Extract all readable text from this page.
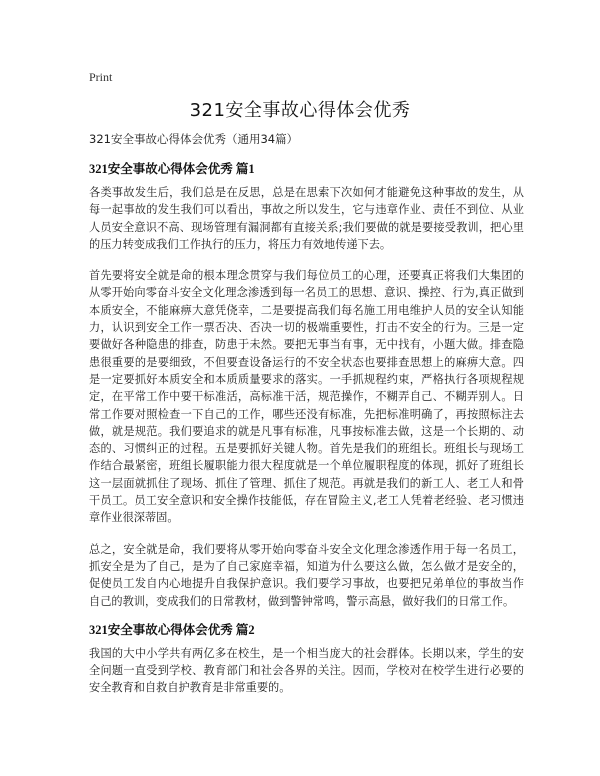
Print
321安全事故心得体会优秀

321安全事故心得体会优秀（通用34篇）

321安全事故心得体会优秀 篇1

各类事故发生后，我们总是在反思，总是在思索下次如何才能避免这种事故的发生，从每一起事故的发生我们可以看出，事故之所以发生，它与违章作业、责任不到位、从业人员安全意识不高、现场管理有漏洞都有直接关系;我们要做的就是要接受教训，把心里的压力转变成我们工作执行的压力，将压力有效地传递下去。

首先要将安全就是命的根本理念贯穿与我们每位员工的心理，还要真正将我们大集团的从零开始向零奋斗安全文化理念渗透到每一名员工的思想、意识、操控、行为,真正做到本质安全，不能麻痹大意凭侥幸，二是要提高我们每名施工用电维护人员的安全认知能力，认识到安全工作一票否决、否决一切的极端重要性，打击不安全的行为。三是一定要做好各种隐患的排查，防患于未然。要把无事当有事，无中找有，小题大做。排查隐患很重要的是要细致，不但要查设备运行的不安全状态也要排查思想上的麻痹大意。四是一定要抓好本质安全和本质质量要求的落实。一手抓规程约束，严格执行各项规程规定，在平常工作中要干标准活，高标准干活，规范操作，不糊弄自己、不糊弄别人。日常工作要对照检查一下自己的工作，哪些还没有标准，先把标准明确了，再按照标注去做，就是规范。我们要追求的就是凡事有标准，凡事按标准去做，这是一个长期的、动态的、习惯纠正的过程。五是要抓好关键人物。首先是我们的班组长。班组长与现场工作结合最紧密，班组长履职能力很大程度就是一个单位履职程度的体现，抓好了班组长这一层面就抓住了现场、抓住了管理、抓住了规范。再就是我们的新工人、老工人和骨干员工。员工安全意识和安全操作技能低，存在冒险主义,老工人凭着老经验、老习惯违章作业很深蒂固。

总之，安全就是命，我们要将从零开始向零奋斗安全文化理念渗透作用于每一名员工，抓安全是为了自己，是为了自己家庭幸福，知道为什么要这么做，怎么做才是安全的，促使员工发自内心地提升自我保护意识。我们要学习事故，也要把兄弟单位的事故当作自己的教训，变成我们的日常教材，做到警钟常鸣，警示高悬，做好我们的日常工作。

321安全事故心得体会优秀 篇2

我国的大中小学共有两亿多在校生，是一个相当庞大的社会群体。长期以来，学生的安全问题一直受到学校、教育部门和社会各界的关注。因而，学校对在校学生进行必要的安全教育和自救自护教育是非常重要的。
